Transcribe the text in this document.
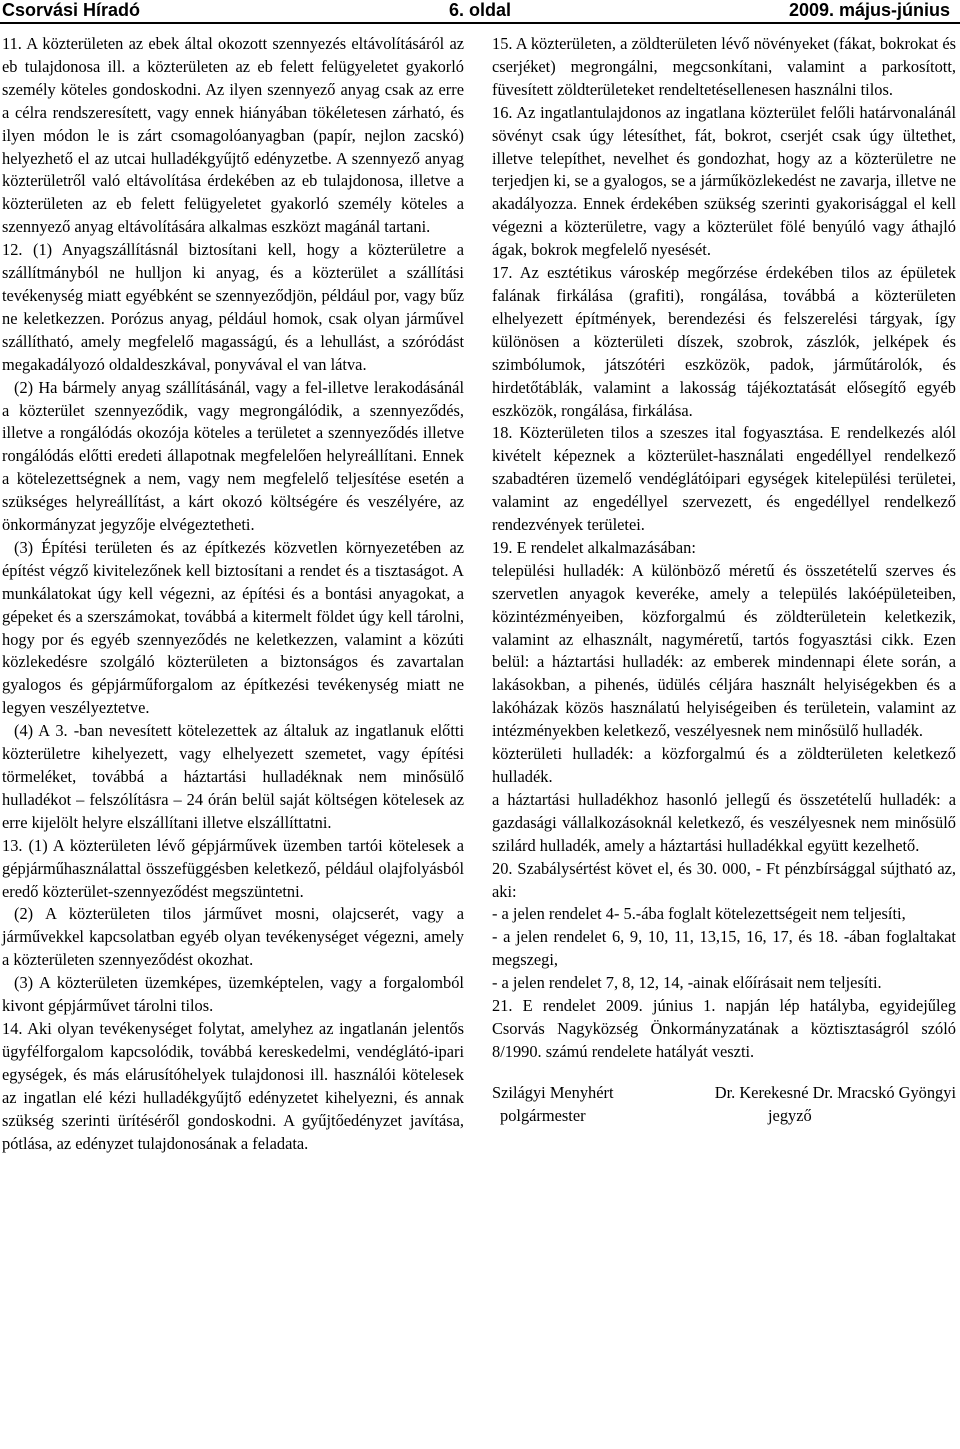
Csorvási Híradó	6. oldal	2009. május-június

11. A közterületen az ebek által okozott szennyezés eltávolításáról az eb tulajdonosa ill. a közterületen az eb felett felügyeletet gyakorló személy köteles gondoskodni. Az ilyen szennyező anyag csak az erre a célra rendszeresített, vagy ennek hiányában tökéletesen zárható, és ilyen módon le is zárt csomagolóanyagban (papír, nejlon zacskó) helyezhető el az utcai hulladékgyűjtő edényzetbe. A szennyező anyag közterületről való eltávolítása érdekében az eb tulajdonosa, illetve a közterületen az eb felett felügyeletet gyakorló személy köteles a szennyező anyag eltávolítására alkalmas eszközt magánál tartani.

12. (1) Anyagszállításnál biztosítani kell, hogy a közterületre a szállítmányból ne hulljon ki anyag, és a közterület a szállítási tevékenység miatt egyébként se szennyeződjön, például por, vagy bűz ne keletkezzen. Porózus anyag, például homok, csak olyan járművel szállítható, amely megfelelő magasságú, és a lehullást, a szóródást megakadályozó oldaldeszkával, ponyvával el van látva.

(2) Ha bármely anyag szállításánál, vagy a fel-illetve lerakodásánál a közterület szennyeződik, vagy megrongálódik, a szennyeződés, illetve a rongálódás okozója köteles a területet a szennyeződés illetve rongálódás előtti eredeti állapotnak megfelelően helyreállítani. Ennek a kötelezettségnek a nem, vagy nem megfelelő teljesítése esetén a szükséges helyreállítást, a kárt okozó költségére és veszélyére, az önkormányzat jegyzője elvégeztetheti.

(3) Építési területen és az építkezés közvetlen környezetében az építést végző kivitelezőnek kell biztosítani a rendet és a tisztaságot. A munkálatokat úgy kell végezni, az építési és a bontási anyagokat, a gépeket és a szerszámokat, továbbá a kitermelt földet úgy kell tárolni, hogy por és egyéb szennyeződés ne keletkezzen, valamint a közúti közlekedésre szolgáló közterületen a biztonságos és zavartalan gyalogos és gépjárműforgalom az építkezési tevékenység miatt ne legyen veszélyeztetve.

(4) A 3. -ban nevesített kötelezettek az általuk az ingatlanuk előtti közterületre kihelyezett, vagy elhelyezett szemetet, vagy építési törmeléket, továbbá a háztartási hulladéknak nem minősülő hulladékot – felszólításra – 24 órán belül saját költségen kötelesek az erre kijelölt helyre elszállítani illetve elszállíttatni.

13. (1) A közterületen lévő gépjárművek üzemben tartói kötelesek a gépjárműhasználattal összefüggésben keletkező, például olajfolyásból eredő közterület-szennyeződést megszüntetni.

(2) A közterületen tilos járművet mosni, olajcserét, vagy a járművekkel kapcsolatban egyéb olyan tevékenységet végezni, amely a közterületen szennyeződést okozhat.

(3) A közterületen üzemképes, üzemképtelen, vagy a forgalomból kivont gépjárművet tárolni tilos.

14. Aki olyan tevékenységet folytat, amelyhez az ingatlanán jelentős ügyfélforgalom kapcsolódik, továbbá kereskedelmi, vendéglátó-ipari egységek, és más elárusítóhelyek tulajdonosi ill. használói kötelesek az ingatlan elé kézi hulladékgyűjtő edényzetet kihelyezni, és annak szükség szerinti ürítéséről gondoskodni. A gyűjtőedényzet javítása, pótlása, az edényzet tulajdonosának a feladata.

15. A közterületen, a zöldterületen lévő növényeket (fákat, bokrokat és cserjéket) megrongálni, megcsonkítani, valamint a parkosított, füvesített zöldterületeket rendeltetésellenesen használni tilos.

16. Az ingatlantulajdonos az ingatlana közterület felőli határvonalánál sövényt csak úgy létesíthet, fát, bokrot, cserjét csak úgy ültethet, illetve telepíthet, nevelhet és gondozhat, hogy az a közterületre ne terjedjen ki, se a gyalogos, se a járműközlekedést ne zavarja, illetve ne akadályozza. Ennek érdekében szükség szerinti gyakorisággal el kell végezni a közterületre, vagy a közterület fölé benyúló vagy áthajló ágak, bokrok megfelelő nyesését.

17. Az esztétikus városkép megőrzése érdekében tilos az épületek falának firkálása (grafiti), rongálása, továbbá a közterületen elhelyezett építmények, berendezési és felszerelési tárgyak, így különösen a közterületi díszek, szobrok, zászlók, jelképek és szimbólumok, játszótéri eszközök, padok, járműtárolók, és hirdetőtáblák, valamint a lakosság tájékoztatását elősegítő egyéb eszközök, rongálása, firkálása.

18. Közterületen tilos a szeszes ital fogyasztása. E rendelkezés alól kivételt képeznek a közterület-használati engedéllyel rendelkező szabadtéren üzemelő vendéglátóipari egységek kitelepülési területei, valamint az engedéllyel szervezett, és engedéllyel rendelkező rendezvények területei.

19. E rendelet alkalmazásában:

települési hulladék: A különböző méretű és összetételű szerves és szervetlen anyagok keveréke, amely a település lakóépületeiben, közintézményeiben, közforgalmú és zöldterületein keletkezik, valamint az elhasznált, nagyméretű, tartós fogyasztási cikk. Ezen belül: a háztartási hulladék: az emberek mindennapi élete során, a lakásokban, a pihenés, üdülés céljára használt helyiségekben és a lakóházak közös használatú helyiségeiben és területein, valamint az intézményekben keletkező, veszélyesnek nem minősülő hulladék.

közterületi hulladék: a közforgalmú és a zöldterületen keletkező hulladék.

a háztartási hulladékhoz hasonló jellegű és összetételű hulladék: a gazdasági vállalkozásoknál keletkező, és veszélyesnek nem minősülő szilárd hulladék, amely a háztartási hulladékkal együtt kezelhető.

20. Szabálysértést követ el, és 30. 000, - Ft pénzbírsággal sújtható az, aki:

- a jelen rendelet 4- 5.-ába foglalt kötelezettségeit nem teljesíti,

- a jelen rendelet 6, 9, 10, 11, 13,15, 16, 17, és 18. -ában foglaltakat megszegi,

- a jelen rendelet 7, 8, 12, 14, -ainak előírásait nem teljesíti.

21. E rendelet 2009. június 1. napján lép hatályba, egyidejűleg Csorvás Nagyközség Önkormányzatának a köztisztaságról szóló 8/1990. számú rendelete hatályát veszti.

Szilágyi Menyhért	Dr. Kerekesné Dr. Mracskó Gyöngyi
polgármester	jegyző
